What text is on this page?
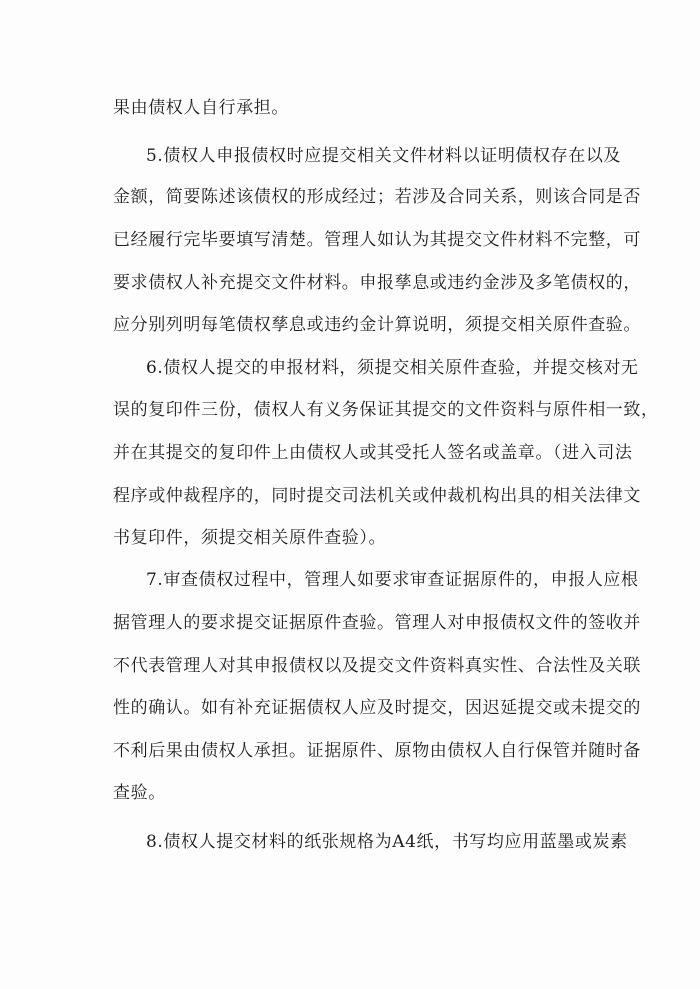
果由债权人自行承担。
5.债权人申报债权时应提交相关文件材料以证明债权存在以及
金额，简要陈述该债权的形成经过；若涉及合同关系，则该合同是否
已经履行完毕要填写清楚。管理人如认为其提交文件材料不完整，可
要求债权人补充提交文件材料。申报孳息或违约金涉及多笔债权的，
应分别列明每笔债权孳息或违约金计算说明，须提交相关原件查验。
6.债权人提交的申报材料，须提交相关原件查验，并提交核对无
误的复印件三份，债权人有义务保证其提交的文件资料与原件相一致，
并在其提交的复印件上由债权人或其受托人签名或盖章。（进入司法
程序或仲裁程序的，同时提交司法机关或仲裁机构出具的相关法律文
书复印件，须提交相关原件查验）。
7.审查债权过程中，管理人如要求审查证据原件的，申报人应根
据管理人的要求提交证据原件查验。管理人对申报债权文件的签收并
不代表管理人对其申报债权以及提交文件资料真实性、合法性及关联
性的确认。如有补充证据债权人应及时提交，因迟延提交或未提交的
不利后果由债权人承担。证据原件、原物由债权人自行保管并随时备
查验。
8.债权人提交材料的纸张规格为A4纸，书写均应用蓝墨或炭素
